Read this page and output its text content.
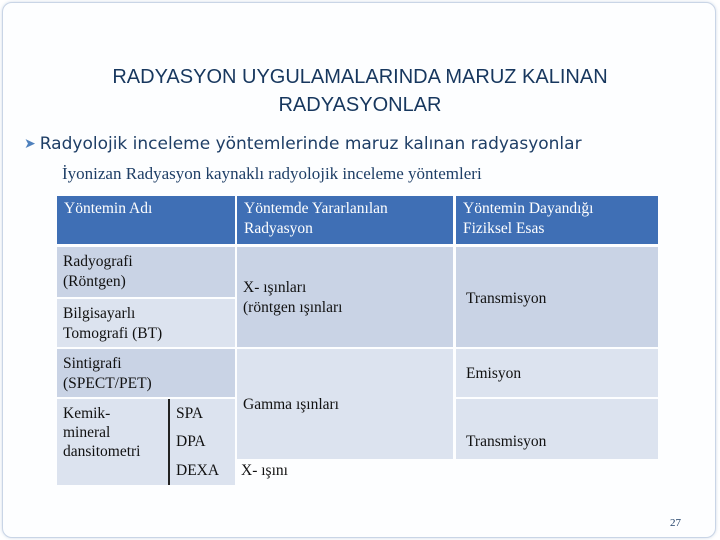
RADYASYON UYGULAMALARINDA MARUZ KALINAN
RADYASYONLAR
➤ Radyolojik inceleme yöntemlerinde maruz kalınan radyasyonlar
İyonizan Radyasyon kaynaklı radyolojik inceleme yöntemleri
Yöntemin Adı	Yöntemde Yararlanılan
Radyasyon
Yöntemin Dayandığı
Fiziksel Esas
Radyografi
(Röntgen)
Bilgisayarlı
Tomografi (BT)
Sintigrafi
(SPECT/PET)
Kemik-
mineral
dansitometri
SPA
DPA
DEXA
X- ışınları
(röntgen ışınları
Gamma ışınları
X- ışını
Transmisyon
Emisyon
Transmisyon
27
